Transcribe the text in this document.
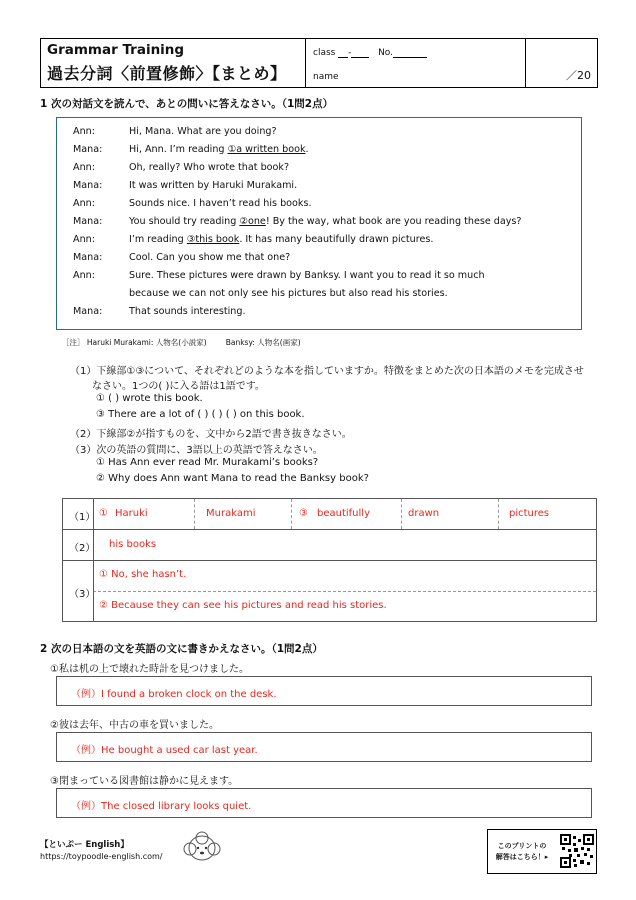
Grammar Training
過去分詞〈前置修飾〉【まとめ】
class -	No.
name	／20
1 次の対話文を読んで、あとの問いに答えなさい。（1問2点）
Ann:	Hi, Mana. What are you doing?
Mana:	Hi, Ann. I’m reading ①a written book.
Ann:	Oh, really? Who wrote that book?
Mana:	It was written by Haruki Murakami.
Ann:	Sounds nice. I haven’t read his books.
Mana:	You should try reading ②one! By the way, what book are you reading these days?
Ann:	I’m reading ③this book. It has many beautifully drawn pictures.
Mana:	Cool. Can you show me that one?
Ann:	Sure. These pictures were drawn by Banksy. I want you to read it so much
because we can not only see his pictures but also read his stories.
Mana:	That sounds interesting.
［注］ Haruki Murakami: 人物名(小説家)	Banksy: 人物名(画家)
（1）下線部①③について、それぞれどのような本を指していますか。特徴をまとめた次の日本語のメモを完成させ
なさい。1つの( )に入る語は1語です。
① ( ) wrote this book.
③ There are a lot of ( ) ( ) ( ) on this book.
（2）下線部②が指すものを、文中から2語で書き抜きなさい。
（3）次の英語の質問に、3語以上の英語で答えなさい。
① Has Ann ever read Mr. Murakami’s books?
② Why does Ann want Mana to read the Banksy book?
（1） ① Haruki	Murakami	③ beautifully	drawn	pictures
（2） his books
（3）
① No, she hasn’t.
② Because they can see his pictures and read his stories.
2 次の日本語の文を英語の文に書きかえなさい。（1問2点）
①私は机の上で壊れた時計を見つけました。
（例）I found a broken clock on the desk.
②彼は去年、中古の車を買いました。
（例）He bought a used car last year.
③閉まっている図書館は静かに見えます。
（例）The closed library looks quiet.
【といぷー English】
https://toypoodle-english.com/
このプリントの
解答はこちら！▸
